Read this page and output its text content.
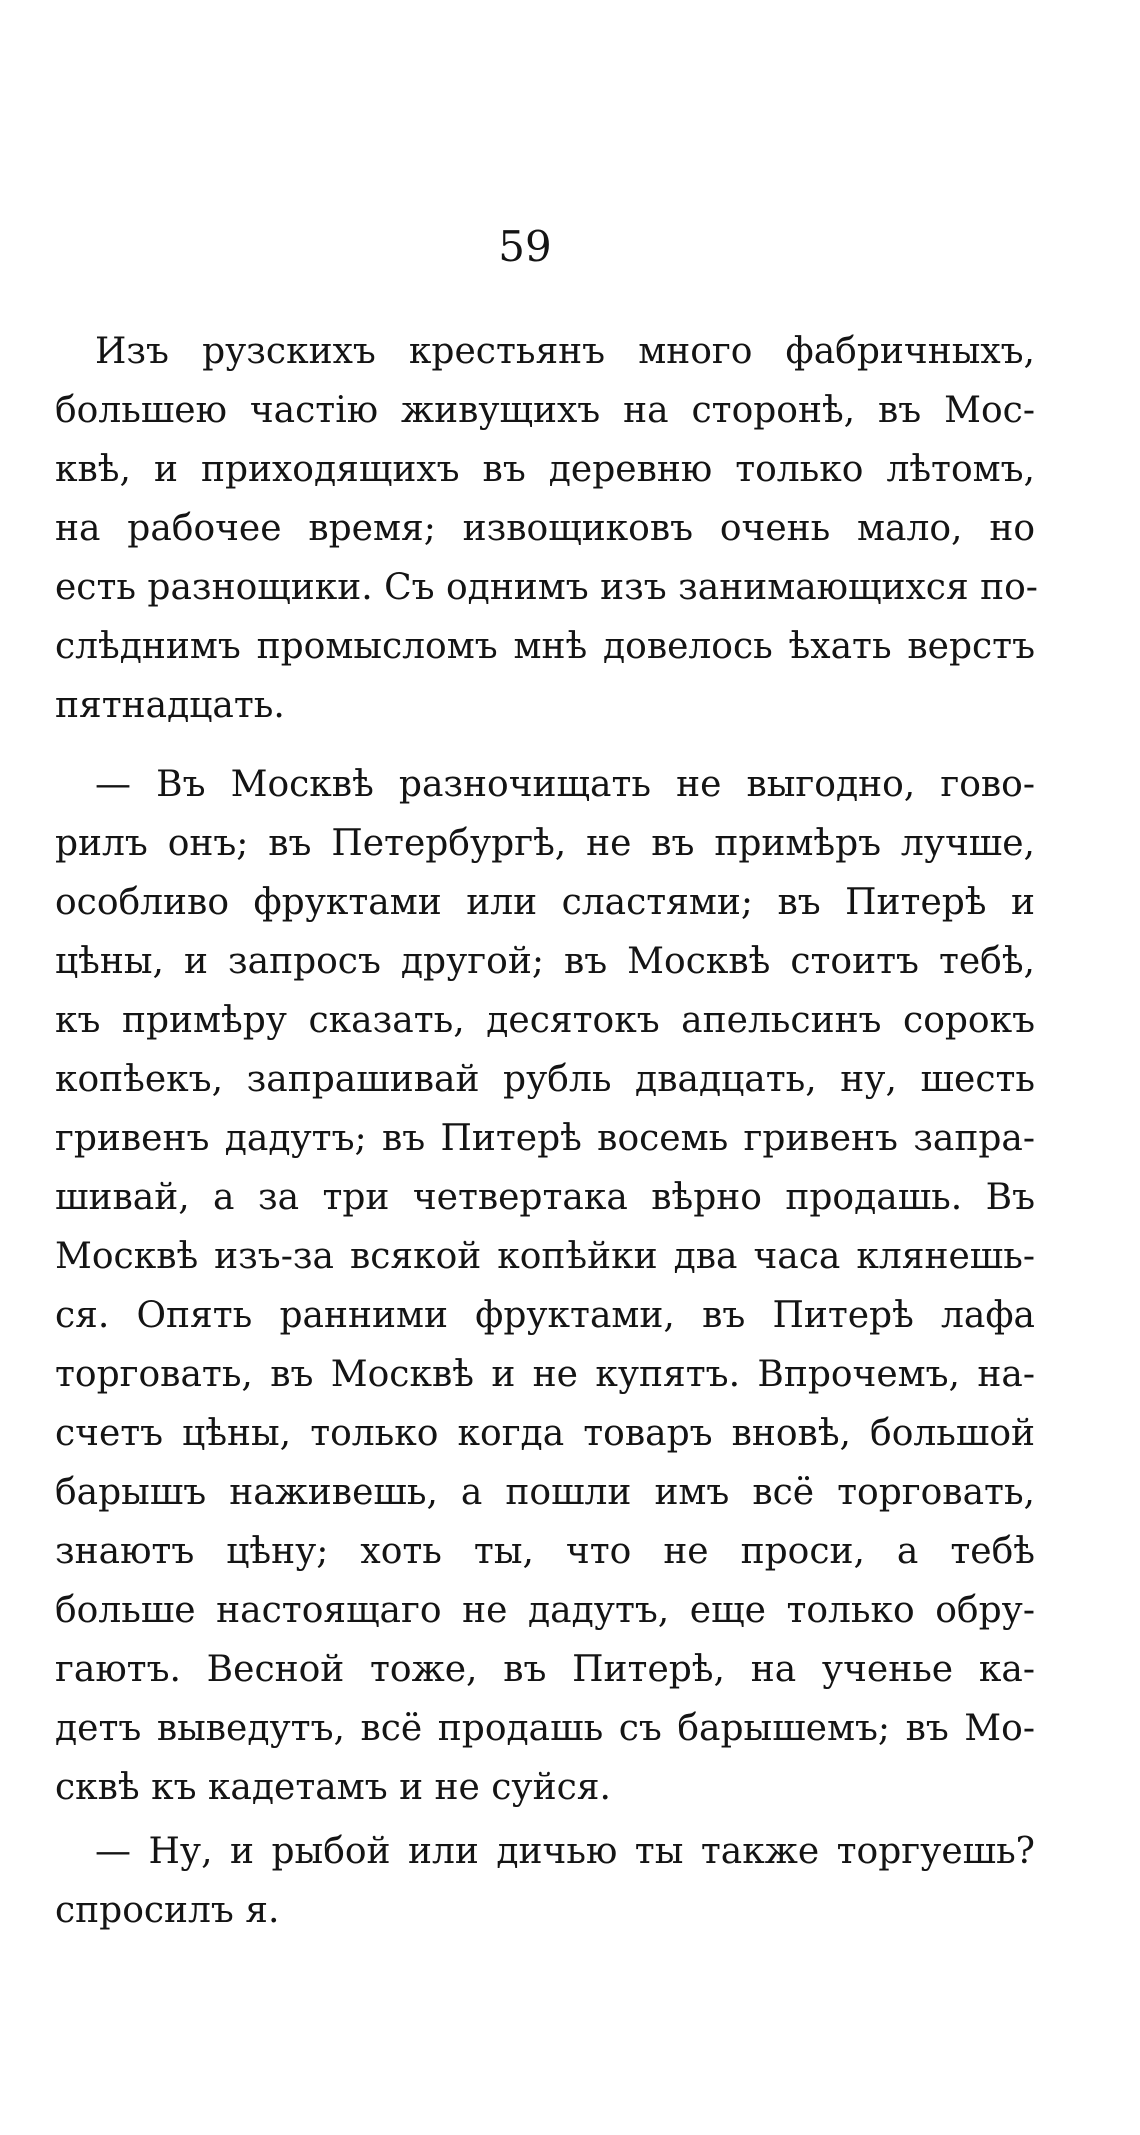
59
Изъ рузскихъ крестьянъ много фабричныхъ,
большею частію живущихъ на сторонѣ, въ Мос-
квѣ, и приходящихъ въ деревню только лѣтомъ,
на рабочее время; извощиковъ очень мало, но
есть разнощики. Съ однимъ изъ занимающихся по-
слѣднимъ промысломъ мнѣ довелось ѣхать верстъ
пятнадцать.
— Въ Москвѣ разночищать не выгодно, гово-
рилъ онъ; въ Петербургѣ, не въ примѣръ лучше,
особливо фруктами или сластями; въ Питерѣ и
цѣны, и запросъ другой; въ Москвѣ стоитъ тебѣ,
къ примѣру сказать, десятокъ апельсинъ сорокъ
копѣекъ, запрашивай рубль двадцать, ну, шесть
гривенъ дадутъ; въ Питерѣ восемь гривенъ запра-
шивай, а за три четвертака вѣрно продашь. Въ
Москвѣ изъ-за всякой копѣйки два часа клянешь-
ся. Опять ранними фруктами, въ Питерѣ лафа
торговать, въ Москвѣ и не купятъ. Впрочемъ, на-
счетъ цѣны, только когда товаръ вновѣ, большой
барышъ наживешь, а пошли имъ всё торговать,
знаютъ цѣну; хоть ты, что не проси, а тебѣ
больше настоящаго не дадутъ, еще только обру-
гаютъ. Весной тоже, въ Питерѣ, на ученье ка-
детъ выведутъ, всё продашь съ барышемъ; въ Мо-
сквѣ къ кадетамъ и не суйся.
— Ну, и рыбой или дичью ты также торгуешь?
спросилъ я.
